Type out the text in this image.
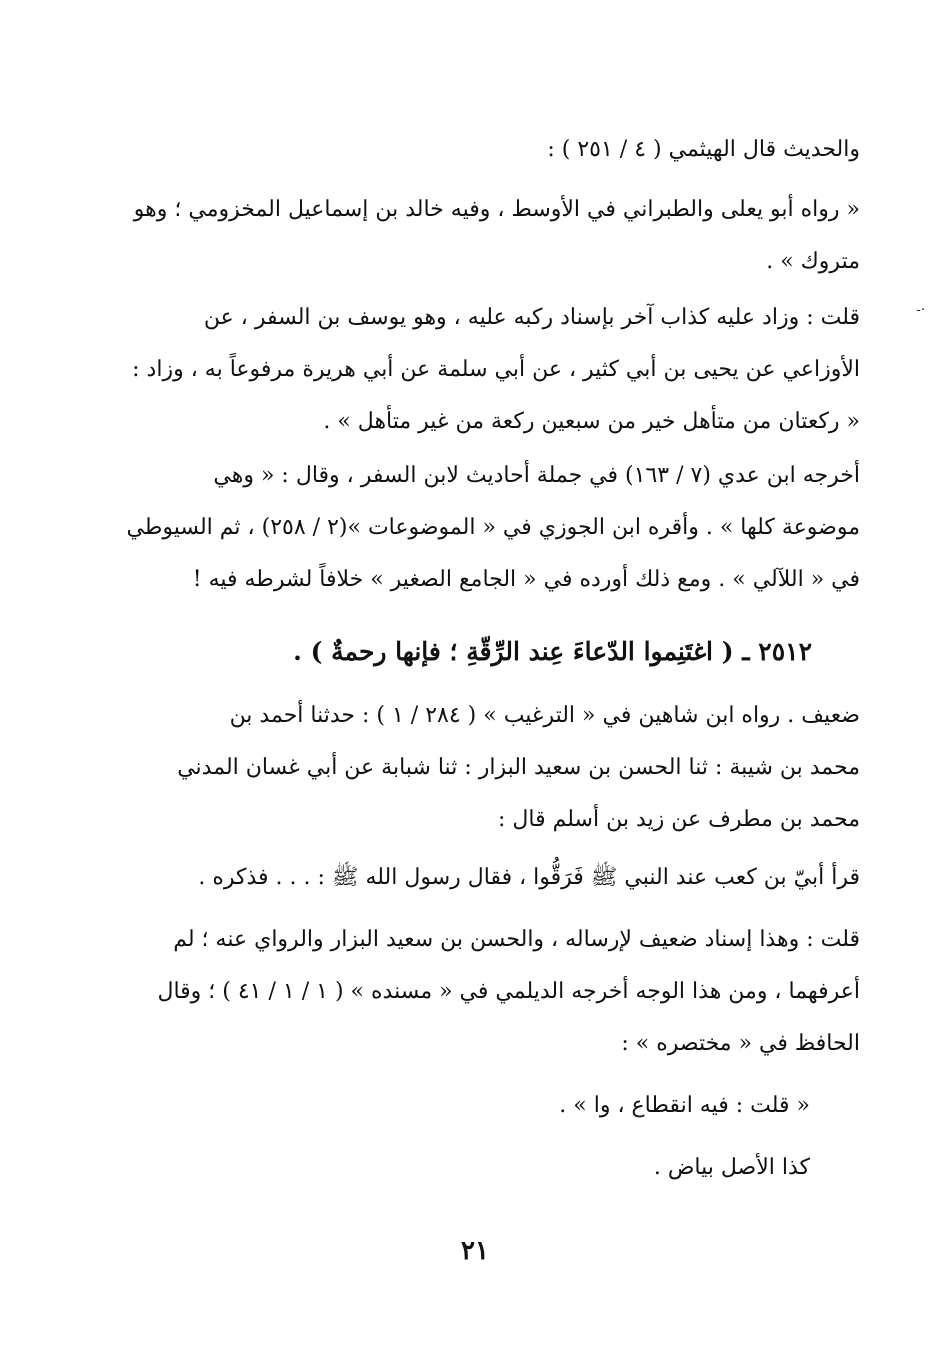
والحديث قال الهيثمي ( ٤ / ٢٥١ ) :

« رواه أبو يعلى والطبراني في الأوسط ، وفيه خالد بن إسماعيل المخزومي ؛ وهو
متروك » .

قلت : وزاد عليه كذاب آخر بإسناد ركبه عليه ، وهو يوسف بن السفر ، عن
الأوزاعي عن يحيى بن أبي كثير ، عن أبي سلمة عن أبي هريرة مرفوعاً به ، وزاد :
« ركعتان من متأهل خير من سبعين ركعة من غير متأهل » .

أخرجه ابن عدي (٧ / ١٦٣) في جملة أحاديث لابن السفر ، وقال : « وهي
موضوعة كلها » . وأقره ابن الجوزي في « الموضوعات »(٢ / ٢٥٨) ، ثم السيوطي
في « اللآلي » . ومع ذلك أورده في « الجامع الصغير » خلافاً لشرطه فيه !

٢٥١٢ ـ ( اغتَنِموا الدّعاءَ عِند الرِّقّةِ ؛ فإنها رحمةٌ ) .

ضعيف . رواه ابن شاهين في « الترغيب » ( ٢٨٤ / ١ ) : حدثنا أحمد بن
محمد بن شيبة : ثنا الحسن بن سعيد البزار : ثنا شبابة عن أبي غسان المدني
محمد بن مطرف عن زيد بن أسلم قال :

قرأ أبيّ بن كعب عند النبي ﷺ فَرَقُّوا ، فقال رسول الله ﷺ : . . . فذكره .

قلت : وهذا إسناد ضعيف لإرساله ، والحسن بن سعيد البزار والرواي عنه ؛ لم
أعرفهما ، ومن هذا الوجه أخرجه الديلمي في « مسنده » ( ١ / ١ / ٤١ ) ؛ وقال
الحافظ في « مختصره » :

« قلت : فيه انقطاع ، وا » .

كذا الأصل بياض .

٢١
-·
